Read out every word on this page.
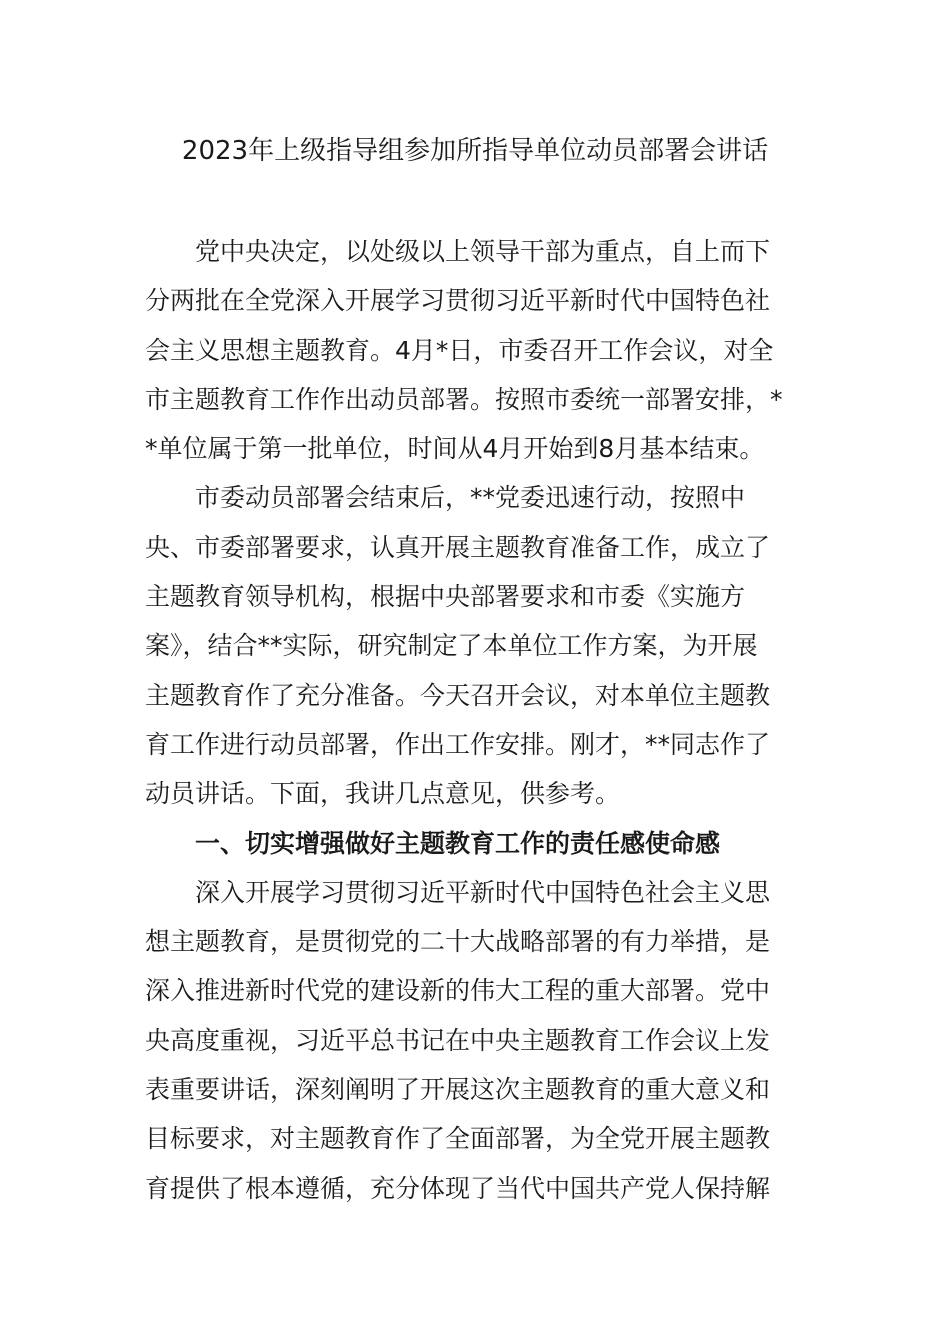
2023年上级指导组参加所指导单位动员部署会讲话
党中央决定，以处级以上领导干部为重点，自上而下
分两批在全党深入开展学习贯彻习近平新时代中国特色社
会主义思想主题教育。4月*日，市委召开工作会议，对全
市主题教育工作作出动员部署。按照市委统一部署安排，*
*单位属于第一批单位，时间从4月开始到8月基本结束。
市委动员部署会结束后，**党委迅速行动，按照中
央、市委部署要求，认真开展主题教育准备工作，成立了
主题教育领导机构，根据中央部署要求和市委《实施方
案》，结合**实际，研究制定了本单位工作方案，为开展
主题教育作了充分准备。今天召开会议，对本单位主题教
育工作进行动员部署，作出工作安排。刚才，**同志作了
动员讲话。下面，我讲几点意见，供参考。
一、切实增强做好主题教育工作的责任感使命感
深入开展学习贯彻习近平新时代中国特色社会主义思
想主题教育，是贯彻党的二十大战略部署的有力举措，是
深入推进新时代党的建设新的伟大工程的重大部署。党中
央高度重视，习近平总书记在中央主题教育工作会议上发
表重要讲话，深刻阐明了开展这次主题教育的重大意义和
目标要求，对主题教育作了全面部署，为全党开展主题教
育提供了根本遵循，充分体现了当代中国共产党人保持解
